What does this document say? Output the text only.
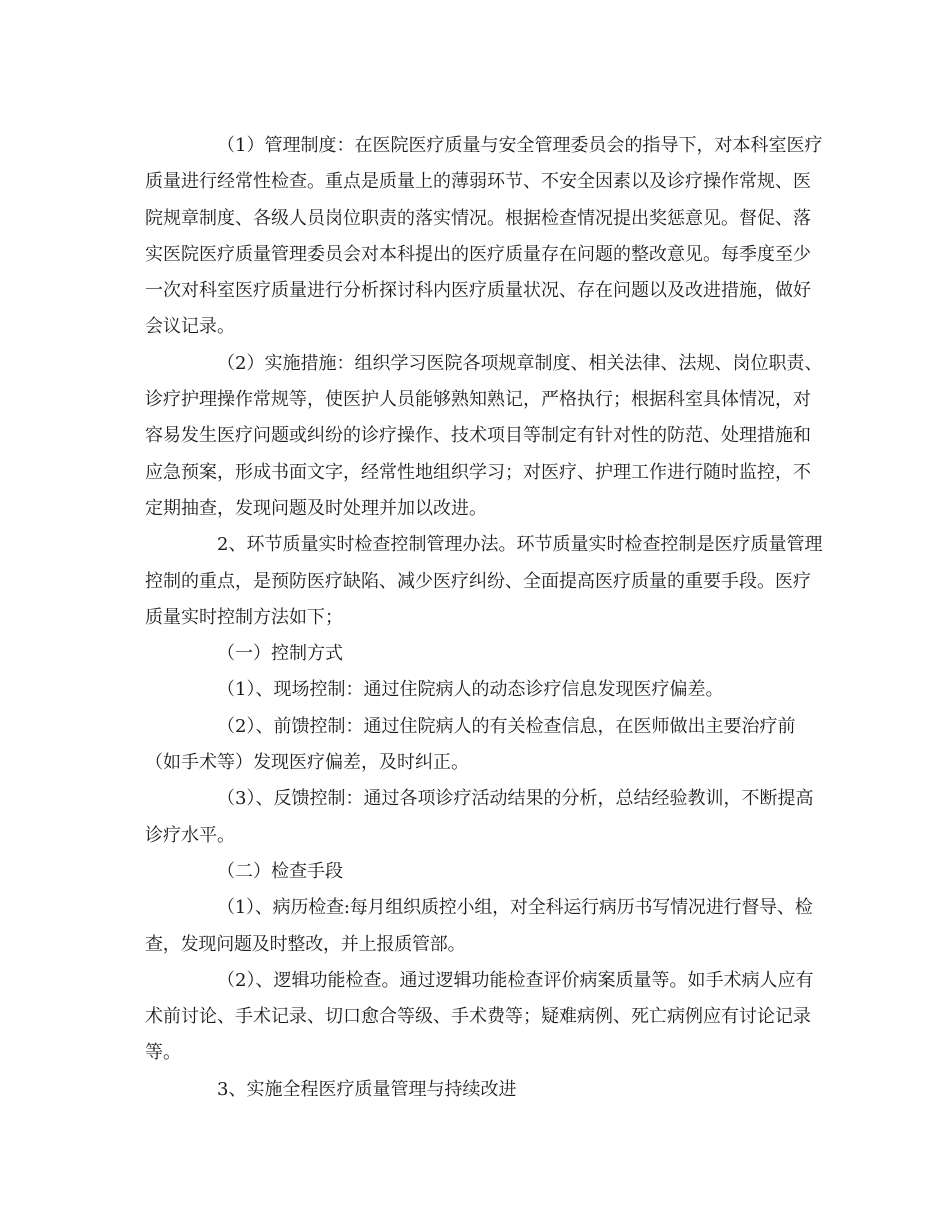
（1）管理制度：在医院医疗质量与安全管理委员会的指导下，对本科室医疗质量进行经常性检查。重点是质量上的薄弱环节、不安全因素以及诊疗操作常规、医院规章制度、各级人员岗位职责的落实情况。根据检查情况提出奖惩意见。督促、落实医院医疗质量管理委员会对本科提出的医疗质量存在问题的整改意见。每季度至少一次对科室医疗质量进行分析探讨科内医疗质量状况、存在问题以及改进措施，做好会议记录。

（2）实施措施：组织学习医院各项规章制度、相关法律、法规、岗位职责、诊疗护理操作常规等，使医护人员能够熟知熟记，严格执行；根据科室具体情况，对容易发生医疗问题或纠纷的诊疗操作、技术项目等制定有针对性的防范、处理措施和应急预案，形成书面文字，经常性地组织学习；对医疗、护理工作进行随时监控，不定期抽查，发现问题及时处理并加以改进。

2、环节质量实时检查控制管理办法。环节质量实时检查控制是医疗质量管理控制的重点，是预防医疗缺陷、减少医疗纠纷、全面提高医疗质量的重要手段。医疗质量实时控制方法如下；

（一）控制方式

（1）、现场控制：通过住院病人的动态诊疗信息发现医疗偏差。

（2）、前馈控制：通过住院病人的有关检查信息，在医师做出主要治疗前（如手术等）发现医疗偏差，及时纠正。

（3）、反馈控制：通过各项诊疗活动结果的分析，总结经验教训，不断提高诊疗水平。

（二）检查手段

（1）、病历检查:每月组织质控小组，对全科运行病历书写情况进行督导、检查，发现问题及时整改，并上报质管部。

（2）、逻辑功能检查。通过逻辑功能检查评价病案质量等。如手术病人应有术前讨论、手术记录、切口愈合等级、手术费等；疑难病例、死亡病例应有讨论记录等。

3、实施全程医疗质量管理与持续改进
